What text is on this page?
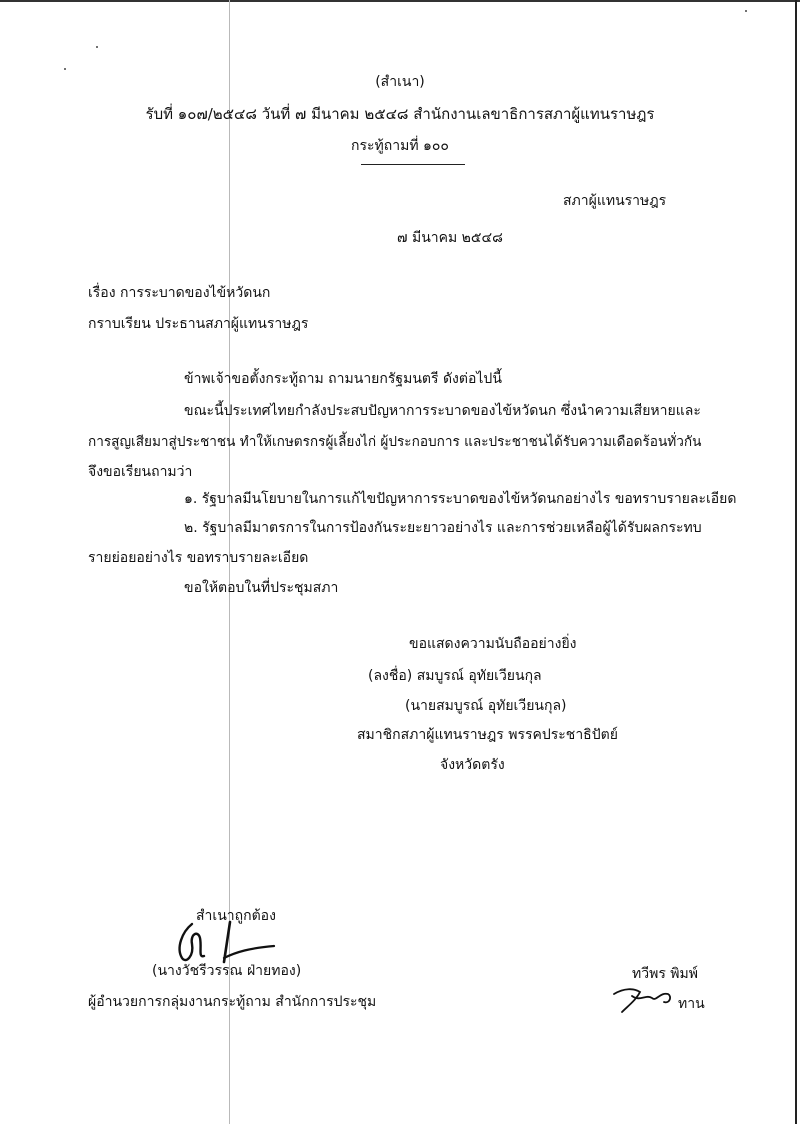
(สำเนา)
รับที่ ๑๐๗/๒๕๔๘ วันที่ ๗ มีนาคม ๒๕๔๘ สำนักงานเลขาธิการสภาผู้แทนราษฎร
กระทู้ถามที่ ๑๐๐
สภาผู้แทนราษฎร
๗ มีนาคม ๒๕๔๘
เรื่อง การระบาดของไข้หวัดนก
กราบเรียน ประธานสภาผู้แทนราษฎร
ข้าพเจ้าขอตั้งกระทู้ถาม ถามนายกรัฐมนตรี ดังต่อไปนี้
ขณะนี้ประเทศไทยกำลังประสบปัญหาการระบาดของไข้หวัดนก ซึ่งนำความเสียหายและ
การสูญเสียมาสู่ประชาชน ทำให้เกษตรกรผู้เลี้ยงไก่ ผู้ประกอบการ และประชาชนได้รับความเดือดร้อนทั่วกัน
จึงขอเรียนถามว่า
๑. รัฐบาลมีนโยบายในการแก้ไขปัญหาการระบาดของไข้หวัดนกอย่างไร ขอทราบรายละเอียด
๒. รัฐบาลมีมาตรการในการป้องกันระยะยาวอย่างไร และการช่วยเหลือผู้ได้รับผลกระทบ
รายย่อยอย่างไร ขอทราบรายละเอียด
ขอให้ตอบในที่ประชุมสภา
ขอแสดงความนับถืออย่างยิ่ง
(ลงชื่อ) สมบูรณ์ อุทัยเวียนกุล
(นายสมบูรณ์ อุทัยเวียนกุล)
สมาชิกสภาผู้แทนราษฎร พรรคประชาธิปัตย์
จังหวัดตรัง
สำเนาถูกต้อง
(นางวัชรีวรรณ ฝ่ายทอง)
ผู้อำนวยการกลุ่มงานกระทู้ถาม สำนักการประชุม
ทวีพร พิมพ์
ทาน
